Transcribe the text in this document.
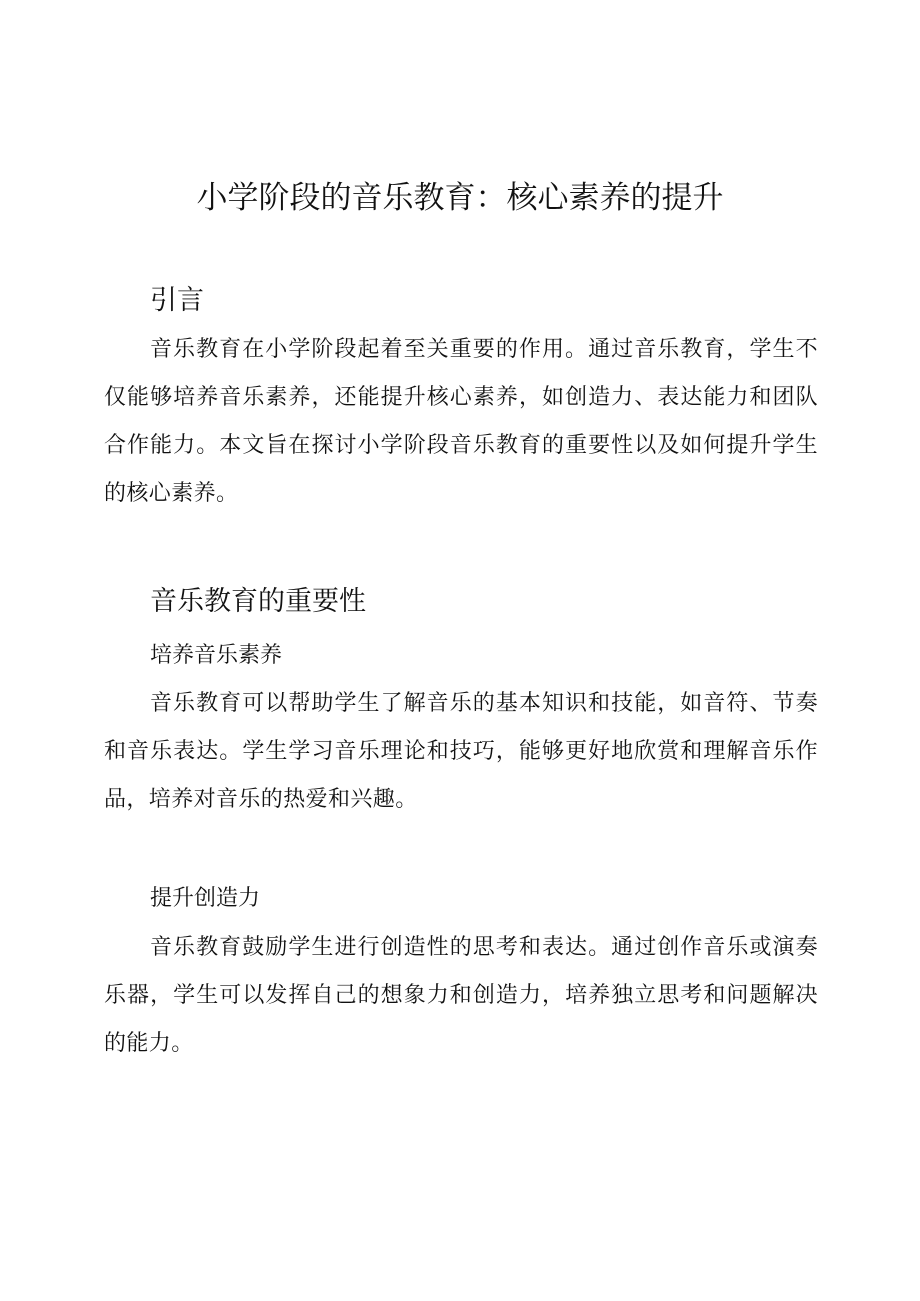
小学阶段的音乐教育：核心素养的提升
引言

音乐教育在小学阶段起着至关重要的作用。通过音乐教育，学生不仅能够培养音乐素养，还能提升核心素养，如创造力、表达能力和团队合作能力。本文旨在探讨小学阶段音乐教育的重要性以及如何提升学生的核心素养。

音乐教育的重要性
培养音乐素养

音乐教育可以帮助学生了解音乐的基本知识和技能，如音符、节奏和音乐表达。学生学习音乐理论和技巧，能够更好地欣赏和理解音乐作品，培养对音乐的热爱和兴趣。

提升创造力

音乐教育鼓励学生进行创造性的思考和表达。通过创作音乐或演奏乐器，学生可以发挥自己的想象力和创造力，培养独立思考和问题解决的能力。
